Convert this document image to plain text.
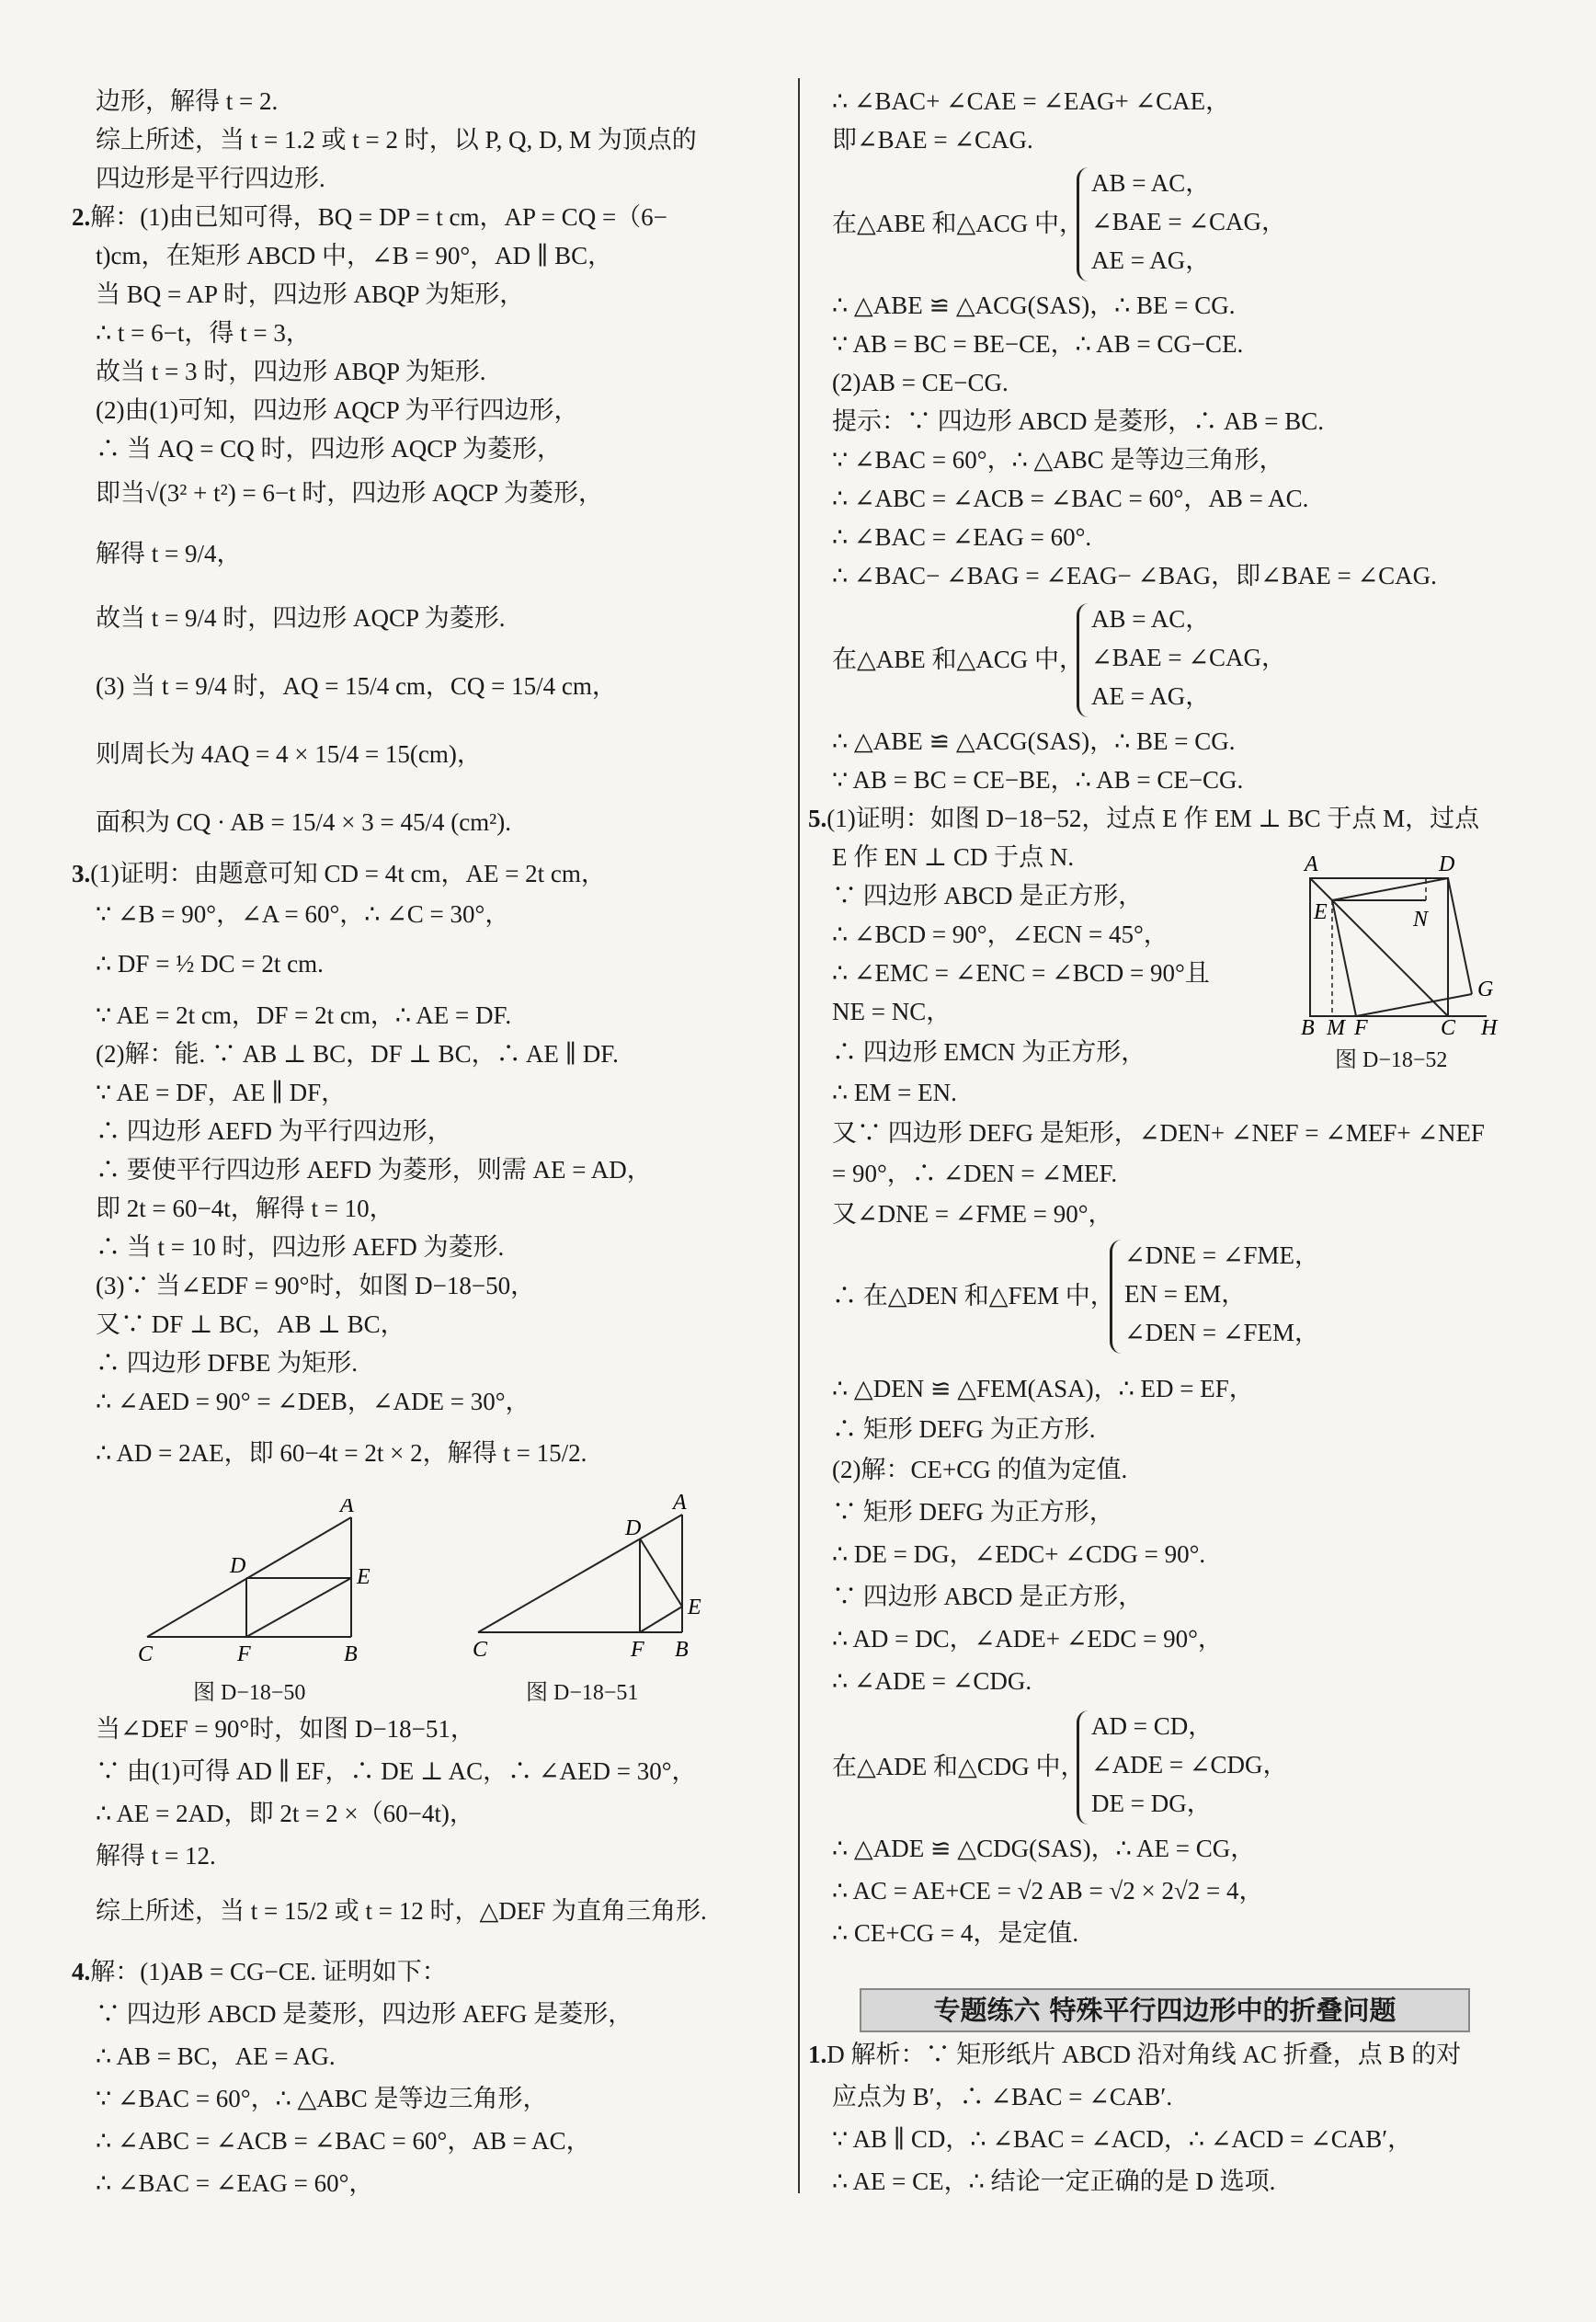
边形，解得 t = 2.
综上所述，当 t = 1.2 或 t = 2 时，以 P, Q, D, M 为顶点的
四边形是平行四边形.
2.解：(1)由已知可得，BQ = DP = t cm，AP = CQ =（6−
t)cm，在矩形 ABCD 中，∠B = 90°，AD ∥ BC，
当 BQ = AP 时，四边形 ABQP 为矩形，
∴ t = 6−t，得 t = 3，
故当 t = 3 时，四边形 ABQP 为矩形.
(2)由(1)可知，四边形 AQCP 为平行四边形，
∴ 当 AQ = CQ 时，四边形 AQCP 为菱形，
即当√(3² + t²) = 6−t 时，四边形 AQCP 为菱形，
解得 t = 9/4，
故当 t = 9/4 时，四边形 AQCP 为菱形.
(3) 当 t = 9/4 时，AQ = 15/4 cm，CQ = 15/4 cm，
则周长为 4AQ = 4 × 15/4 = 15(cm)，
面积为 CQ · AB = 15/4 × 3 = 45/4 (cm²).
3.(1)证明：由题意可知 CD = 4t cm，AE = 2t cm，
∵ ∠B = 90°，∠A = 60°，∴ ∠C = 30°，
∴ DF = ½ DC = 2t cm.
∵ AE = 2t cm，DF = 2t cm，∴ AE = DF.
(2)解：能. ∵ AB ⊥ BC，DF ⊥ BC，∴ AE ∥ DF.
∵ AE = DF，AE ∥ DF，
∴ 四边形 AEFD 为平行四边形，
∴ 要使平行四边形 AEFD 为菱形，则需 AE = AD，
即 2t = 60−4t，解得 t = 10，
∴ 当 t = 10 时，四边形 AEFD 为菱形.
(3)∵ 当∠EDF = 90°时，如图 D−18−50，
又∵ DF ⊥ BC，AB ⊥ BC，
∴ 四边形 DFBE 为矩形.
∴ ∠AED = 90° = ∠DEB，∠ADE = 30°，
∴ AD = 2AE，即 60−4t = 2t × 2，解得 t = 15/2.
当∠DEF = 90°时，如图 D−18−51，
∵ 由(1)可得 AD ∥ EF，∴ DE ⊥ AC，∴ ∠AED = 30°，
∴ AE = 2AD，即 2t = 2 ×（60−4t)，
解得 t = 12.
综上所述，当 t = 15/2 或 t = 12 时，△DEF 为直角三角形.
4.解：(1)AB = CG−CE. 证明如下：
∵ 四边形 ABCD 是菱形，四边形 AEFG 是菱形，
∴ AB = BC，AE = AG.
∵ ∠BAC = 60°，∴ △ABC 是等边三角形，
∴ ∠ABC = ∠ACB = ∠BAC = 60°，AB = AC，
∴ ∠BAC = ∠EAG = 60°，
专题练六 特殊平行四边形中的折叠问题
∴ ∠BAC+ ∠CAE = ∠EAG+ ∠CAE，
即∠BAE = ∠CAG.
∴ △ABE ≌ △ACG(SAS)，∴ BE = CG.
∵ AB = BC = BE−CE，∴ AB = CG−CE.
(2)AB = CE−CG.
提示：∵ 四边形 ABCD 是菱形，∴ AB = BC.
∵ ∠BAC = 60°，∴ △ABC 是等边三角形，
∴ ∠ABC = ∠ACB = ∠BAC = 60°，AB = AC.
∴ ∠BAC = ∠EAG = 60°.
∴ ∠BAC− ∠BAG = ∠EAG− ∠BAG，即∠BAE = ∠CAG.
∴ △ABE ≌ △ACG(SAS)，∴ BE = CG.
∵ AB = BC = CE−BE，∴ AB = CE−CG.
5.(1)证明：如图 D−18−52，过点 E 作 EM ⊥ BC 于点 M，过点
E 作 EN ⊥ CD 于点 N.
∵ 四边形 ABCD 是正方形，
∴ ∠BCD = 90°，∠ECN = 45°，
∴ ∠EMC = ∠ENC = ∠BCD = 90°且
NE = NC，
∴ 四边形 EMCN 为正方形，
∴ EM = EN.
又∵ 四边形 DEFG 是矩形，∠DEN+ ∠NEF = ∠MEF+ ∠NEF
= 90°，∴ ∠DEN = ∠MEF.
又∠DNE = ∠FME = 90°，
∴ △DEN ≌ △FEM(ASA)，∴ ED = EF，
∴ 矩形 DEFG 为正方形.
(2)解：CE+CG 的值为定值.
∵ 矩形 DEFG 为正方形，
∴ DE = DG，∠EDC+ ∠CDG = 90°.
∵ 四边形 ABCD 是正方形，
∴ AD = DC，∠ADE+ ∠EDC = 90°，
∴ ∠ADE = ∠CDG.
∴ △ADE ≌ △CDG(SAS)，∴ AE = CG，
∴ AC = AE+CE = √2 AB = √2 × 2√2 = 4，
∴ CE+CG = 4，是定值.
1.D 解析：∵ 矩形纸片 ABCD 沿对角线 AC 折叠，点 B 的对
应点为 B′，∴ ∠BAC = ∠CAB′.
∵ AB ∥ CD，∴ ∠BAC = ∠ACD，∴ ∠ACD = ∠CAB′，
∴ AE = CE，∴ 结论一定正确的是 D 选项.
在△ABE 和△ACG 中，
AB = AC，
∠BAE = ∠CAG，
AE = AG，
在△ABE 和△ACG 中，
AB = AC，
∠BAE = ∠CAG，
AE = AG，
∴ 在△DEN 和△FEM 中，
∠DNE = ∠FME，
EN = EM，
∠DEN = ∠FEM，
在△ADE 和△CDG 中，
AD = CD，
∠ADE = ∠CDG，
DE = DG，
A
D	E
C	F	B
图 D−18−50
D
A
E
C	F B
图 D−18−51
A	D
E	N
G
B M F	C H
图 D−18−52
